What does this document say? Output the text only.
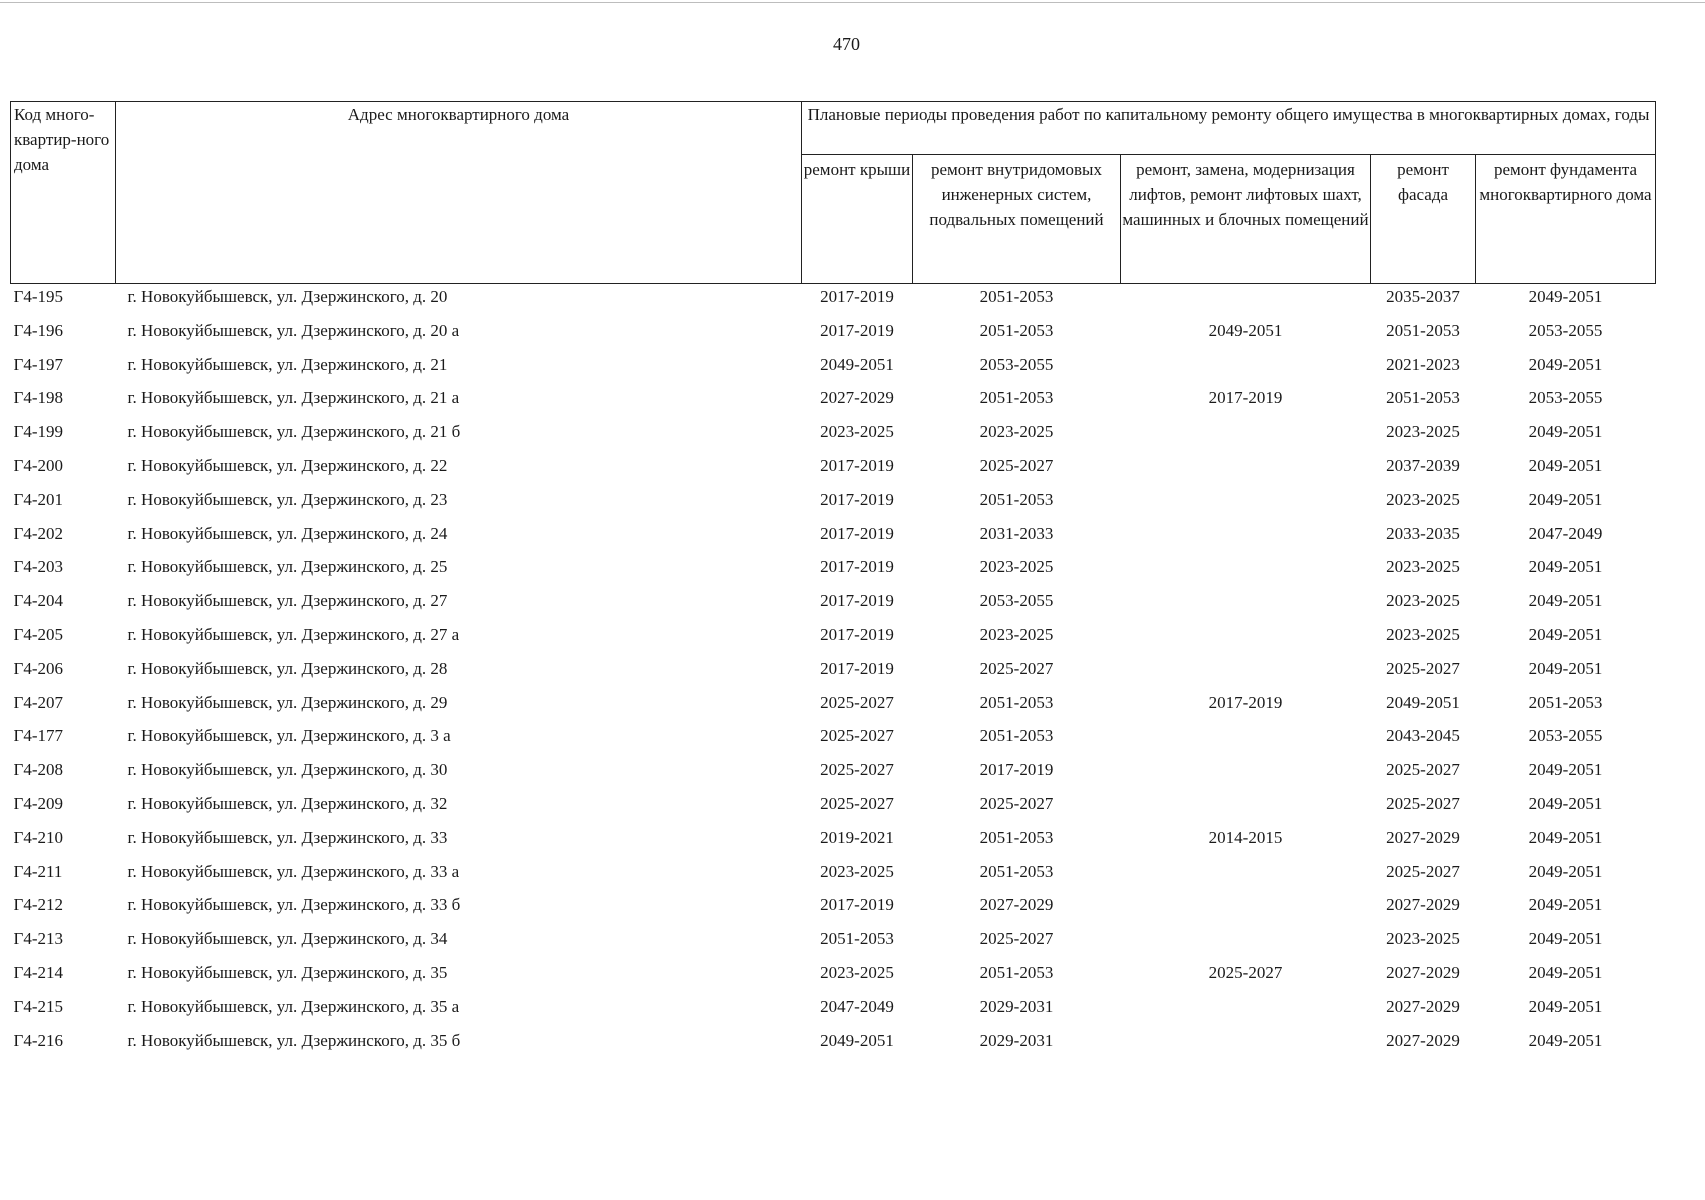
470
Код много-квартир-ного дома	Адрес многоквартирного дома	Плановые периоды проведения работ по капитальному ремонту общего имущества в многоквартирных домах, годы				
		ремонт крыши	ремонт внутридомовых инженерных систем, подвальных помещений	ремонт, замена, модернизация лифтов, ремонт лифтовых шахт, машинных и блочных помещений	ремонт фасада	ремонт фундамента многоквартирного дома
Г4-195	г. Новокуйбышевск, ул. Дзержинского, д. 20	2017-2019	2051-2053		2035-2037	2049-2051
Г4-196	г. Новокуйбышевск, ул. Дзержинского, д. 20 а	2017-2019	2051-2053	2049-2051	2051-2053	2053-2055
Г4-197	г. Новокуйбышевск, ул. Дзержинского, д. 21	2049-2051	2053-2055		2021-2023	2049-2051
Г4-198	г. Новокуйбышевск, ул. Дзержинского, д. 21 а	2027-2029	2051-2053	2017-2019	2051-2053	2053-2055
Г4-199	г. Новокуйбышевск, ул. Дзержинского, д. 21 б	2023-2025	2023-2025		2023-2025	2049-2051
Г4-200	г. Новокуйбышевск, ул. Дзержинского, д. 22	2017-2019	2025-2027		2037-2039	2049-2051
Г4-201	г. Новокуйбышевск, ул. Дзержинского, д. 23	2017-2019	2051-2053		2023-2025	2049-2051
Г4-202	г. Новокуйбышевск, ул. Дзержинского, д. 24	2017-2019	2031-2033		2033-2035	2047-2049
Г4-203	г. Новокуйбышевск, ул. Дзержинского, д. 25	2017-2019	2023-2025		2023-2025	2049-2051
Г4-204	г. Новокуйбышевск, ул. Дзержинского, д. 27	2017-2019	2053-2055		2023-2025	2049-2051
Г4-205	г. Новокуйбышевск, ул. Дзержинского, д. 27 а	2017-2019	2023-2025		2023-2025	2049-2051
Г4-206	г. Новокуйбышевск, ул. Дзержинского, д. 28	2017-2019	2025-2027		2025-2027	2049-2051
Г4-207	г. Новокуйбышевск, ул. Дзержинского, д. 29	2025-2027	2051-2053	2017-2019	2049-2051	2051-2053
Г4-177	г. Новокуйбышевск, ул. Дзержинского, д. 3 а	2025-2027	2051-2053		2043-2045	2053-2055
Г4-208	г. Новокуйбышевск, ул. Дзержинского, д. 30	2025-2027	2017-2019		2025-2027	2049-2051
Г4-209	г. Новокуйбышевск, ул. Дзержинского, д. 32	2025-2027	2025-2027		2025-2027	2049-2051
Г4-210	г. Новокуйбышевск, ул. Дзержинского, д. 33	2019-2021	2051-2053	2014-2015	2027-2029	2049-2051
Г4-211	г. Новокуйбышевск, ул. Дзержинского, д. 33 а	2023-2025	2051-2053		2025-2027	2049-2051
Г4-212	г. Новокуйбышевск, ул. Дзержинского, д. 33 б	2017-2019	2027-2029		2027-2029	2049-2051
Г4-213	г. Новокуйбышевск, ул. Дзержинского, д. 34	2051-2053	2025-2027		2023-2025	2049-2051
Г4-214	г. Новокуйбышевск, ул. Дзержинского, д. 35	2023-2025	2051-2053	2025-2027	2027-2029	2049-2051
Г4-215	г. Новокуйбышевск, ул. Дзержинского, д. 35 а	2047-2049	2029-2031		2027-2029	2049-2051
Г4-216	г. Новокуйбышевск, ул. Дзержинского, д. 35 б	2049-2051	2029-2031		2027-2029	2049-2051
